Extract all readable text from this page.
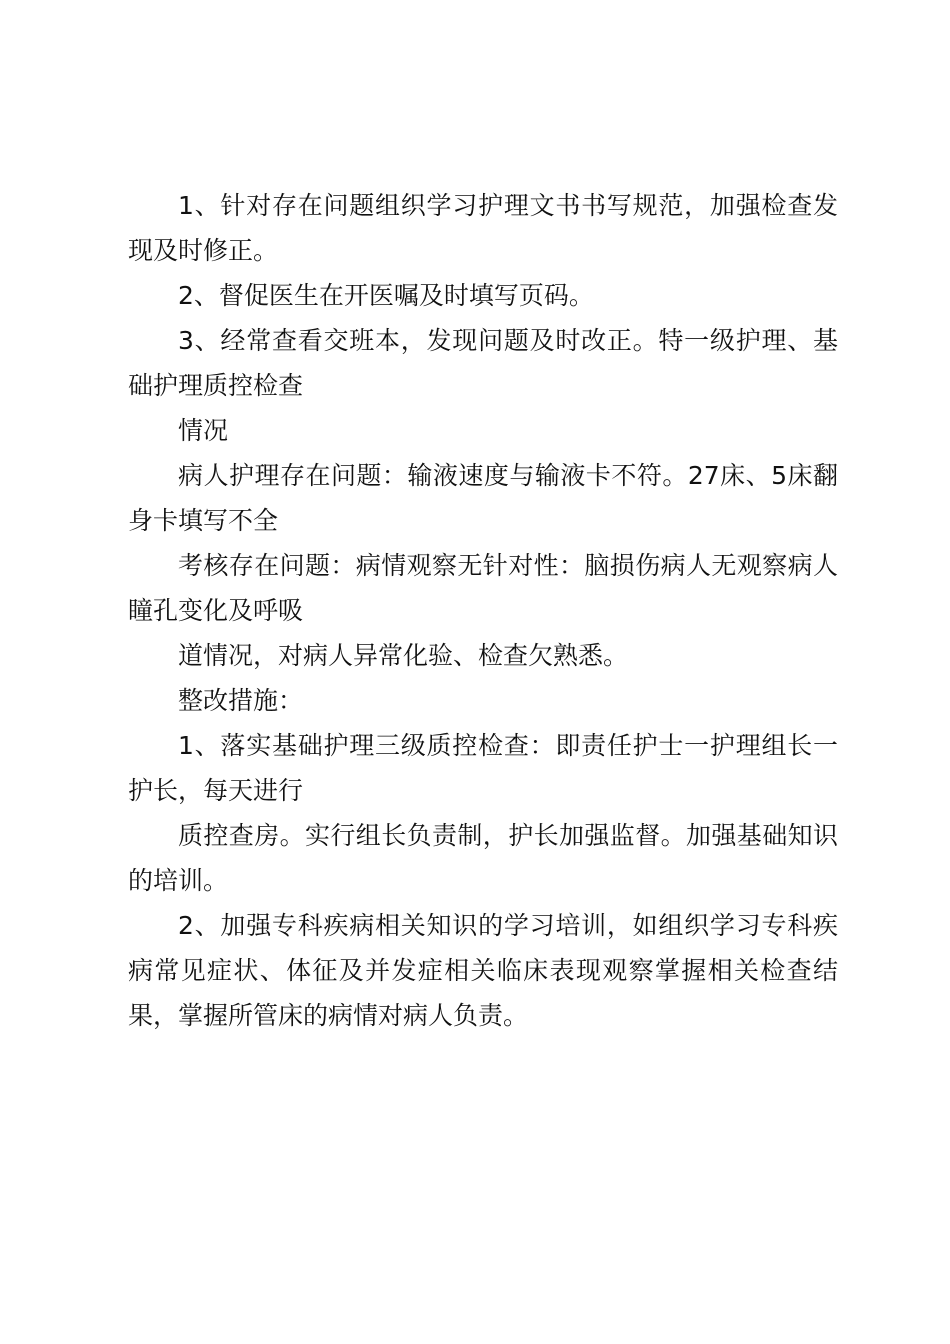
1、针对存在问题组织学习护理文书书写规范，加强检查发现及时修正。

2、督促医生在开医嘱及时填写页码。

3、经常查看交班本，发现问题及时改正。特一级护理、基础护理质控检查

情况

病人护理存在问题：输液速度与输液卡不符。27床、5床翻身卡填写不全

考核存在问题：病情观察无针对性：脑损伤病人无观察病人瞳孔变化及呼吸

道情况，对病人异常化验、检查欠熟悉。

整改措施：

1、落实基础护理三级质控检查：即责任护士一护理组长一护长，每天进行

质控查房。实行组长负责制，护长加强监督。加强基础知识的培训。

2、加强专科疾病相关知识的学习培训，如组织学习专科疾病常见症状、体征及并发症相关临床表现观察掌握相关检查结果，掌握所管床的病情对病人负责。
